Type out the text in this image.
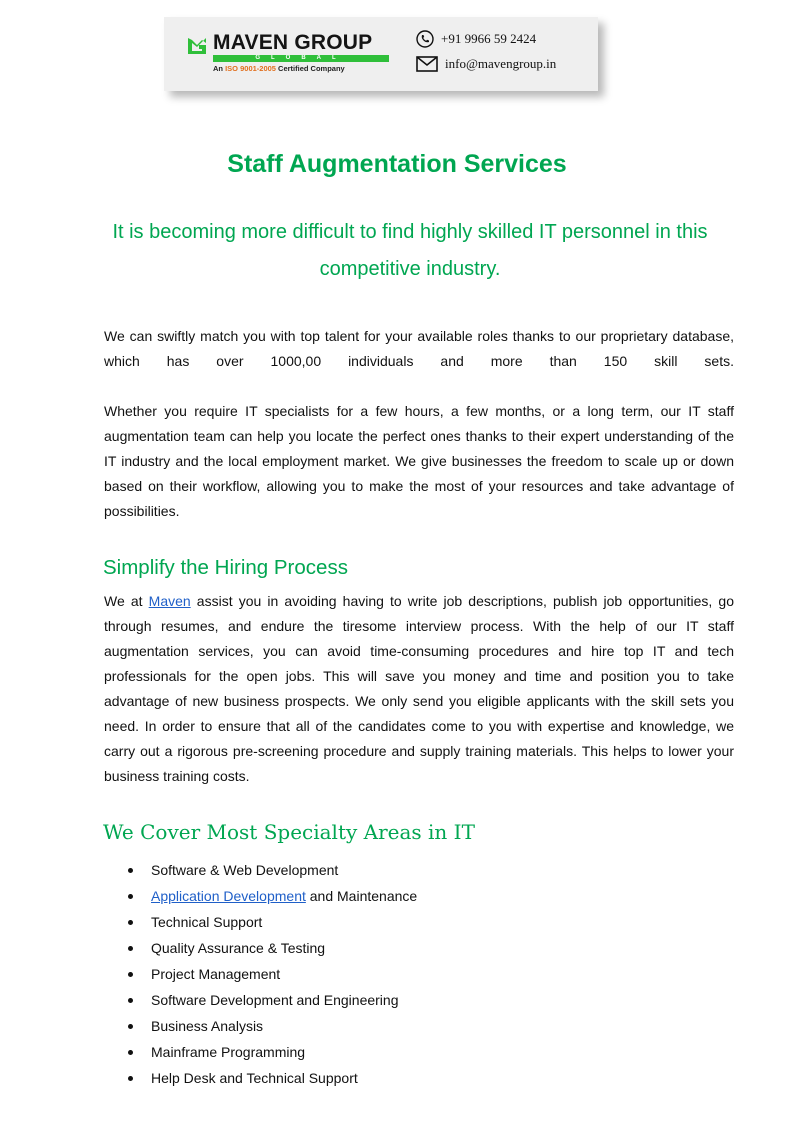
MAVEN GROUP
GLOBAL
An ISO 9001-2005 Certified Company
+91 9966 59 2424
info@mavengroup.in
Staff Augmentation Services

It is becoming more difficult to find highly skilled IT personnel in this competitive industry.

We can swiftly match you with top talent for your available roles thanks to our proprietary database, which has over 1000,00 individuals and more than 150 skill sets.

Whether you require IT specialists for a few hours, a few months, or a long term, our IT staff augmentation team can help you locate the perfect ones thanks to their expert understanding of the IT industry and the local employment market. We give businesses the freedom to scale up or down based on their workflow, allowing you to make the most of your resources and take advantage of possibilities.

Simplify the Hiring Process

We at Maven assist you in avoiding having to write job descriptions, publish job opportunities, go through resumes, and endure the tiresome interview process. With the help of our IT staff augmentation services, you can avoid time-consuming procedures and hire top IT and tech professionals for the open jobs. This will save you money and time and position you to take advantage of new business prospects. We only send you eligible applicants with the skill sets you need. In order to ensure that all of the candidates come to you with expertise and knowledge, we carry out a rigorous pre-screening procedure and supply training materials. This helps to lower your business training costs.

We Cover Most Specialty Areas in IT
Software & Web Development
Application Development and Maintenance
Technical Support
Quality Assurance & Testing
Project Management
Software Development and Engineering
Business Analysis
Mainframe Programming
Help Desk and Technical Support
